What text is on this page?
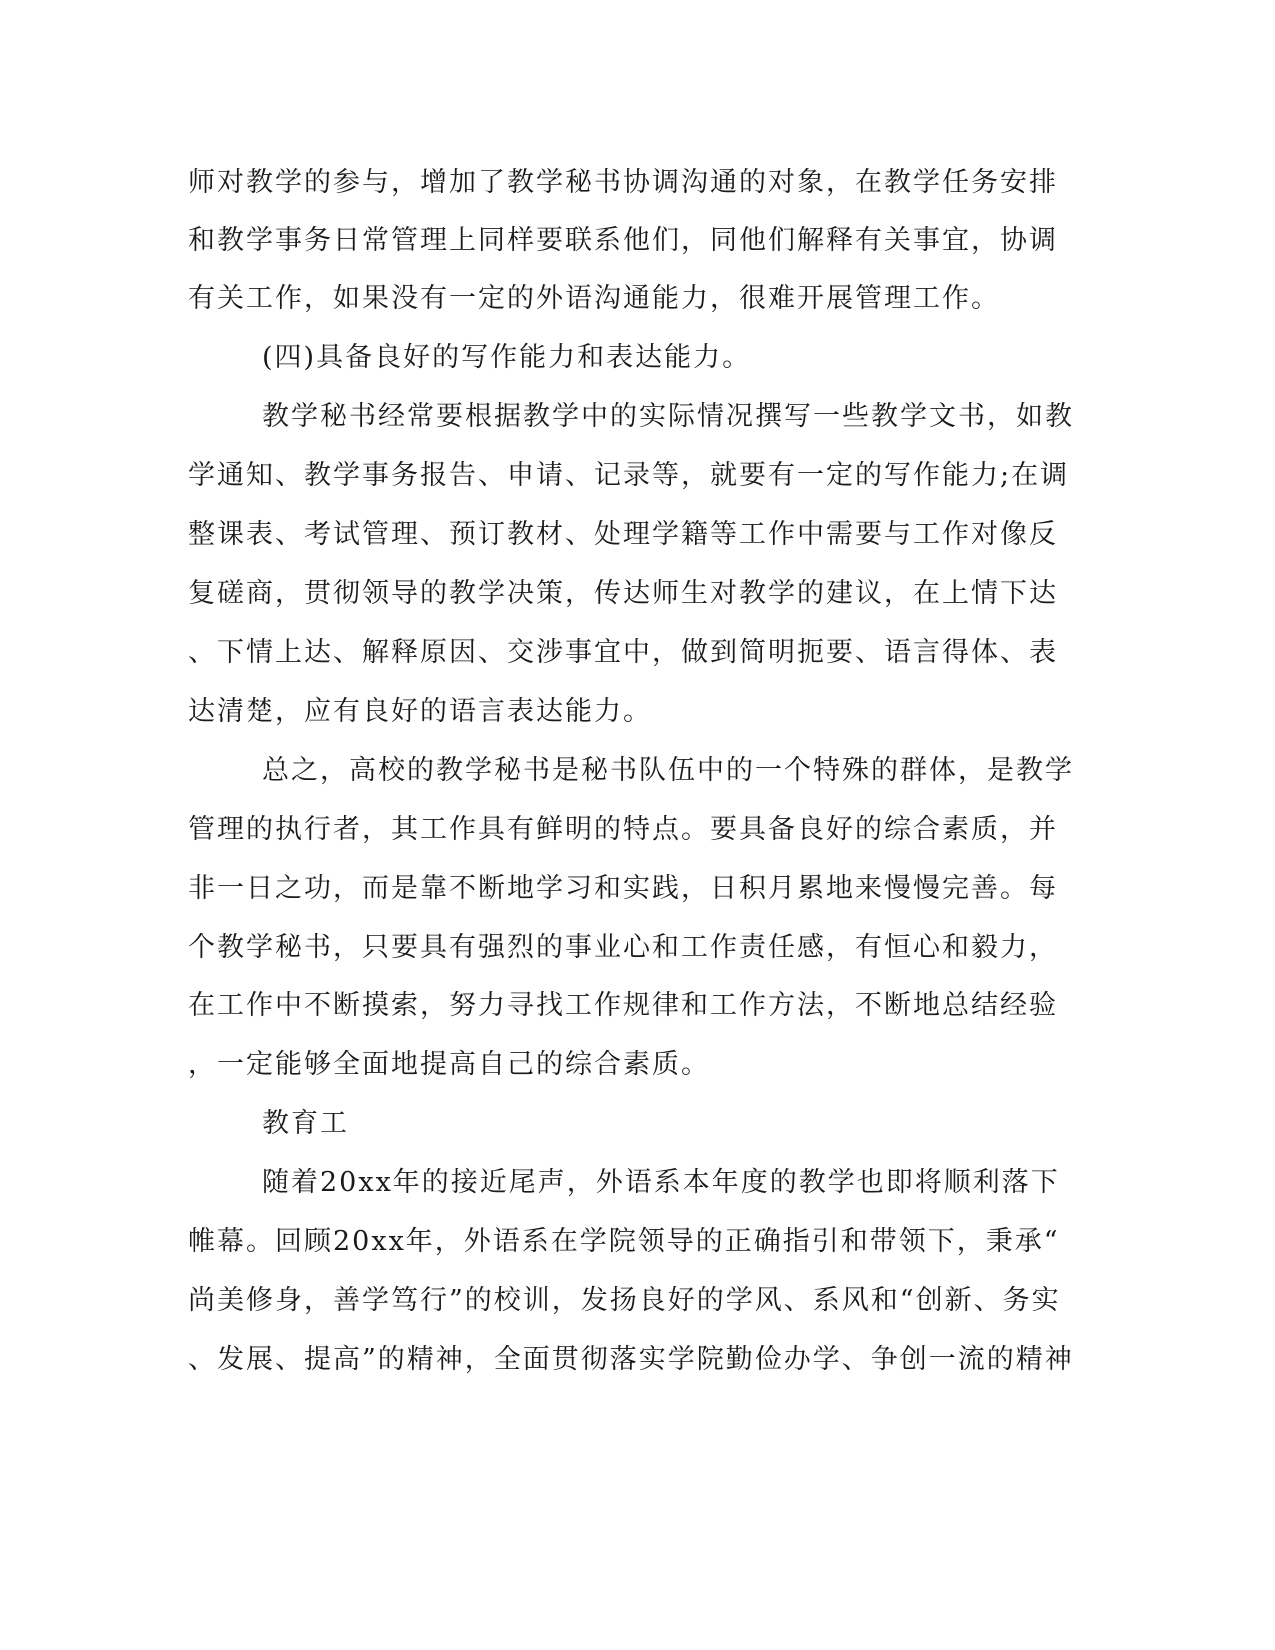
师对教学的参与，增加了教学秘书协调沟通的对象，在教学任务安排
和教学事务日常管理上同样要联系他们，同他们解释有关事宜，协调
有关工作，如果没有一定的外语沟通能力，很难开展管理工作。
(四)具备良好的写作能力和表达能力。
教学秘书经常要根据教学中的实际情况撰写一些教学文书，如教
学通知、教学事务报告、申请、记录等，就要有一定的写作能力;在调
整课表、考试管理、预订教材、处理学籍等工作中需要与工作对像反
复磋商，贯彻领导的教学决策，传达师生对教学的建议，在上情下达
、下情上达、解释原因、交涉事宜中，做到简明扼要、语言得体、表
达清楚，应有良好的语言表达能力。
总之，高校的教学秘书是秘书队伍中的一个特殊的群体，是教学
管理的执行者，其工作具有鲜明的特点。要具备良好的综合素质，并
非一日之功，而是靠不断地学习和实践，日积月累地来慢慢完善。每
个教学秘书，只要具有强烈的事业心和工作责任感，有恒心和毅力，
在工作中不断摸索，努力寻找工作规律和工作方法，不断地总结经验
，一定能够全面地提高自己的综合素质。
教育工
随着20xx年的接近尾声，外语系本年度的教学也即将顺利落下
帷幕。回顾20xx年，外语系在学院领导的正确指引和带领下，秉承“
尚美修身，善学笃行”的校训，发扬良好的学风、系风和“创新、务实
、发展、提高”的精神，全面贯彻落实学院勤俭办学、争创一流的精神
